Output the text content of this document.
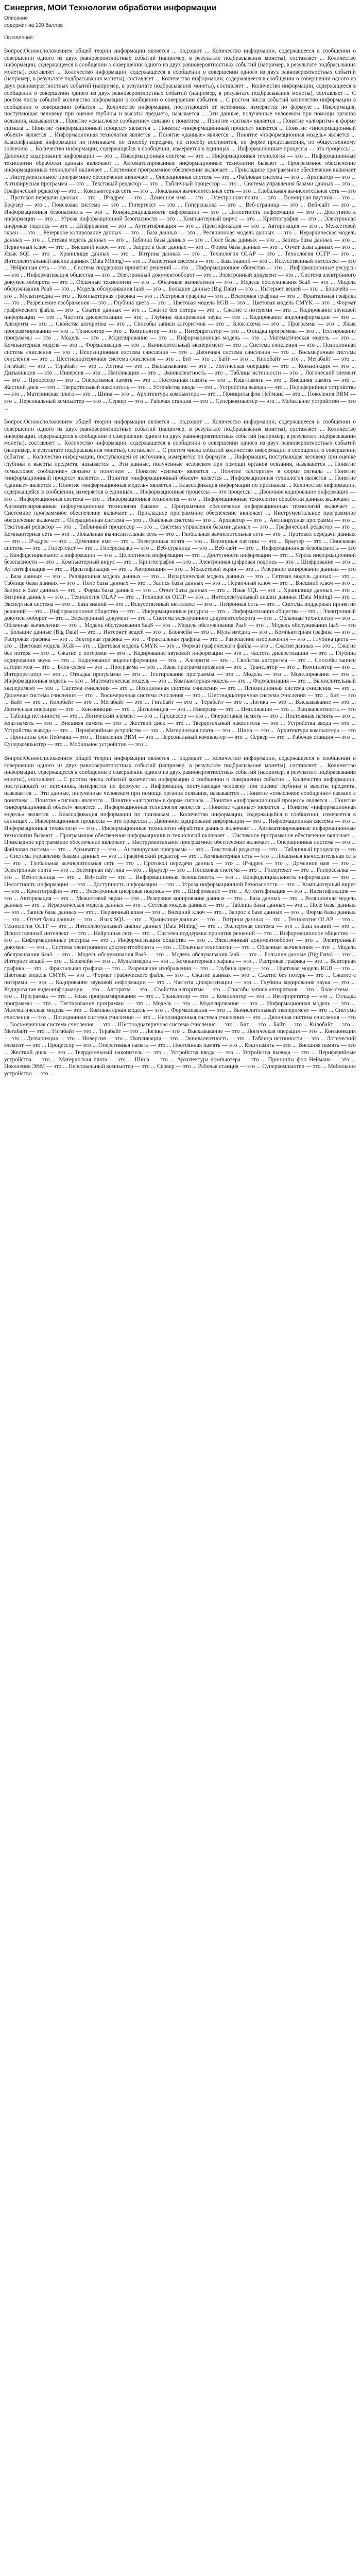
Синергия, МОИ Технологии обработки информации
Описание
содержит на 100 баллов
Оглавление:
Вопрос:Осноосположением общей теории информации является ... подходит ... Количество информации, содержащееся в сообщении о совершении одного из двух равновероятностных событий (например, в результате подбрасывания монеты), составляет ... Количество информации, содержащееся в сообщении о совершении одного из двух равновероятностных событий (например, в результате подбрасывания монеты), составляет ... Количество информации, содержащееся в сообщении о совершении одного из двух равновероятностных событий (например, в результате подбрасывания монеты), составляет ... Количество информации, содержащееся в сообщении о совершении одного из двух равновероятностных событий (например, в результате подбрасывания монеты), составляет ... Количество информации, содержащееся в сообщении о совершении одного из двух равновероятностных событий (например, в результате подбрасывания монеты), составляет ... С ростом числа событий количество информации о сообщении о совершении события ... С ростом числа событий количество информации в сообщении о совершении события ... Количество информации, поступающей от источника, измеряется по формуле ... Информация, поступающая человеку при оценке глубины и высоты предмета, называется ... Эти данные, полученные человеком при помощи органов осязания, называются ... Понятие «смысловое сообщение» связано с понятием ... Понятие «сигнал» является ... Понятие «алгоритм» в форме сигнала ... Понятие «информационный процесс» является ... Понятие «информационный процесс» является ... Понятие «информационный объект» является ... Информационная технология является ... Понятие «данные» является ... Понятие «информационная модель» является ... Классификация информации по признакам: по способу передачи, по способу восприятия, по форме представления, по общественному значению ... Количество информации, содержащейся в сообщении, измеряется в единицах ... Информационные процессы — это процессы ... Двоичное кодирование информации — это ... Информационная система — это ... Информационная технология — это ... Информационные технологии обработки данных включают ... Автоматизированные информационные технологии бывают ... Программное обеспечение информационных технологий включает ... Системное программное обеспечение включает ... Прикладное программное обеспечение включает ... Инструментальное программное обеспечение включает ... Операционная система — это ... Файловая система — это ... Архиватор — это ... Антивирусная программа — это ... Текстовый редактор — это ... Табличный процессор — это ... Система управления базами данных — это ... Графический редактор — это ... Компьютерная сеть — это ... Локальная вычислительная сеть — это ... Глобальная вычислительная сеть — это ... Протокол передачи данных — это ... IP-адрес — это ... Доменное имя — это ... Электронная почта — это ... Всемирная паутина — это ... Браузер — это ... Поисковая система — это ... Гипертекст — это ... Гиперссылка — это ... Веб-страница — это ... Веб-сайт — это ... Информационная безопасность — это ... Конфиденциальность информации — это ... Целостность информации — это ... Доступность информации — это ... Угроза информационной безопасности — это ... Компьютерный вирус — это ... Криптография — это ... Электронная цифровая подпись — это ... Шифрование — это ... Аутентификация — это ... Идентификация — это ... Авторизация — это ... Межсетевой экран — это ... Резервное копирование данных — это ... База данных — это ... Реляционная модель данных — это ... Иерархическая модель данных — это ... Сетевая модель данных — это ... Таблица базы данных — это ... Поле базы данных — это ... Запись базы данных — это ... Первичный ключ — это ... Внешний ключ — это ... Запрос к базе данных — это ... Форма базы данных — это ... Отчет базы данных — это ... Язык SQL — это ... Хранилище данных — это ... Витрина данных — это ... Технология OLAP — это ... Технология OLTP — это ... Интеллектуальный анализ данных (Data Mining) — это ... Экспертная система — это ... База знаний — это ... Искусственный интеллект — это ... Нейронная сеть — это ... Система поддержки принятия решений — это ... Информационное общество — это ... Информационные ресурсы — это ... Информатизация общества — это ... Электронный документооборот — это ... Электронный документ — это ... Система электронного документооборота — это ... Облачные технологии — это ... Облачные вычисления — это ... Модель обслуживания SaaS — это ... Модель обслуживания PaaS — это ... Модель обслуживания IaaS — это ... Большие данные (Big Data) — это ... Интернет вещей — это ... Блокчейн — это ... Мультимедиа — это ... Компьютерная графика — это ... Растровая графика — это ... Векторная графика — это ... Фрактальная графика — это ... Разрешение изображения — это ... Глубина цвета — это ... Цветовая модель RGB — это ... Цветовая модель CMYK — это ... Формат графического файла — это ... Сжатие данных — это ... Сжатие без потерь — это ... Сжатие с потерями — это ... Кодирование звуковой информации — это ... Частота дискретизации — это ... Глубина кодирования звука — это ... Кодирование видеоинформации — это ... Алгоритм — это ... Свойства алгоритма — это ... Способы записи алгоритмов — это ... Блок-схема — это ... Программа — это ... Язык программирования — это ... Транслятор — это ... Компилятор — это ... Интерпретатор — это ... Отладка программы — это ... Тестирование программы — это ... Модель — это ... Моделирование — это ... Информационная модель — это ... Математическая модель — это ... Компьютерная модель — это ... Формализация — это ... Вычислительный эксперимент — это ... Система счисления — это ... Позиционная система счисления — это ... Непозиционная система счисления — это ... Двоичная система счисления — это ... Восьмеричная система счисления — это ... Шестнадцатеричная система счисления — это ... Бит — это ... Байт — это ... Килобайт — это ... Мегабайт — это ... Гигабайт — это ... Терабайт — это ... Логика — это ... Высказывание — это ... Логическая операция — это ... Конъюнкция — это ... Дизъюнкция — это ... Инверсия — это ... Импликация — это ... Эквивалентность — это ... Таблица истинности — это ... Логический элемент — это ... Процессор — это ... Оперативная память — это ... Постоянная память — это ... Кэш-память — это ... Внешняя память — это ... Жесткий диск — это ... Твердотельный накопитель — это ... Устройства ввода — это ... Устройства вывода — это ... Периферийные устройства — это ... Материнская плата — это ... Шина — это ... Архитектура компьютера — это ... Принципы фон Неймана — это ... Поколения ЭВМ — это ... Персональный компьютер — это ... Сервер — это ... Рабочая станция — это ... Суперкомпьютер — это ... Мобильное устройство — это ...

Вопрос:Осноосположением общей теории информации является ... подходит ... Количество информации, содержащееся в сообщении о совершении одного из двух равновероятностных событий (например, в результате подбрасывания монеты), составляет ... Количество информации, содержащееся в сообщении о совершении одного из двух равновероятностных событий (например, в результате подбрасывания монеты), составляет ... Количество информации, содержащееся в сообщении о совершении одного из двух равновероятностных событий (например, в результате подбрасывания монеты), составляет ... С ростом числа событий количество информации о сообщении о совершении события ... Количество информации, поступающей от источника, измеряется по формуле ... Информация, поступающая человеку при оценке глубины и высоты предмета, называется ... Эти данные, полученные человеком при помощи органов осязания, называются ... Понятие «смысловое сообщение» связано с понятием ... Понятие «сигнал» является ... Понятие «алгоритм» в форме сигнала ... Понятие «информационный процесс» является ... Понятие «информационный объект» является ... Информационная технология является ... Понятие «данные» является ... Понятие «информационная модель» является ... Классификация информации по признакам ... Количество информации, содержащейся в сообщении, измеряется в единицах ... Информационные процессы — это процессы ... Двоичное кодирование информации — это ... Информационная система — это ... Информационная технология — это ... Информационные технологии обработки данных включают ... Автоматизированные информационные технологии бывают ... Программное обеспечение информационных технологий включает ... Системное программное обеспечение включает ... Прикладное программное обеспечение включает ... Инструментальное программное обеспечение включает ... Операционная система — это ... Файловая система — это ... Архиватор — это ... Антивирусная программа — это ... Текстовый редактор — это ... Табличный процессор — это ... Система управления базами данных — это ... Графический редактор — это ... Компьютерная сеть — это ... Локальная вычислительная сеть — это ... Глобальная вычислительная сеть — это ... Протокол передачи данных — это ... IP-адрес — это ... Доменное имя — это ... Электронная почта — это ... Всемирная паутина — это ... Браузер — это ... Поисковая система — это ... Гипертекст — это ... Гиперссылка — это ... Веб-страница — это ... Веб-сайт — это ... Информационная безопасность — это ... Конфиденциальность информации — это ... Целостность информации — это ... Доступность информации — это ... Угроза информационной безопасности — это ... Компьютерный вирус — это ... Криптография — это ... Электронная цифровая подпись — это ... Шифрование — это ... Аутентификация — это ... Идентификация — это ... Авторизация — это ... Межсетевой экран — это ... Резервное копирование данных — это ... База данных — это ... Реляционная модель данных — это ... Иерархическая модель данных — это ... Сетевая модель данных — это ... Таблица базы данных — это ... Поле базы данных — это ... Запись базы данных — это ... Первичный ключ — это ... Внешний ключ — это ... Запрос к базе данных — это ... Форма базы данных — это ... Отчет базы данных — это ... Язык SQL — это ... Хранилище данных — это ... Витрина данных — это ... Технология OLAP — это ... Технология OLTP — это ... Интеллектуальный анализ данных (Data Mining) — это ... Экспертная система — это ... База знаний — это ... Искусственный интеллект — это ... Нейронная сеть — это ... Система поддержки принятия решений — это ... Информационное общество — это ... Информационные ресурсы — это ... Информатизация общества — это ... Электронный документооборот — это ... Электронный документ — это ... Система электронного документооборота — это ... Облачные технологии — это ... Облачные вычисления — это ... Модель обслуживания SaaS — это ... Модель обслуживания PaaS — это ... Модель обслуживания IaaS — это ... Большие данные (Big Data) — это ... Интернет вещей — это ... Блокчейн — это ... Мультимедиа — это ... Компьютерная графика — это ... Растровая графика — это ... Векторная графика — это ... Фрактальная графика — это ... Разрешение изображения — это ... Глубина цвета — это ... Цветовая модель RGB — это ... Цветовая модель CMYK — это ... Формат графического файла — это ... Сжатие данных — это ... Сжатие без потерь — это ... Сжатие с потерями — это ... Кодирование звуковой информации — это ... Частота дискретизации — это ... Глубина кодирования звука — это ... Кодирование видеоинформации — это ... Алгоритм — это ... Свойства алгоритма — это ... Способы записи алгоритмов — это ... Блок-схема — это ... Программа — это ... Язык программирования — это ... Транслятор — это ... Компилятор — это ... Интерпретатор — это ... Отладка программы — это ... Тестирование программы — это ... Модель — это ... Моделирование — это ... Информационная модель — это ... Математическая модель — это ... Компьютерная модель — это ... Формализация — это ... Вычислительный эксперимент — это ... Система счисления — это ... Позиционная система счисления — это ... Непозиционная система счисления — это ... Двоичная система счисления — это ... Восьмеричная система счисления — это ... Шестнадцатеричная система счисления — это ... Бит — это ... Байт — это ... Килобайт — это ... Мегабайт — это ... Гигабайт — это ... Терабайт — это ... Логика — это ... Высказывание — это ... Логическая операция — это ... Конъюнкция — это ... Дизъюнкция — это ... Инверсия — это ... Импликация — это ... Эквивалентность — это ... Таблица истинности — это ... Логический элемент — это ... Процессор — это ... Оперативная память — это ... Постоянная память — это ... Кэш-память — это ... Внешняя память — это ... Жесткий диск — это ... Твердотельный накопитель — это ... Устройства ввода — это ... Устройства вывода — это ... Периферийные устройства — это ... Материнская плата — это ... Шина — это ... Архитектура компьютера — это ... Принципы фон Неймана — это ... Поколения ЭВМ — это ... Персональный компьютер — это ... Сервер — это ... Рабочая станция — это ... Суперкомпьютер — это ... Мобильное устройство — это ...

Вопрос:Осноосположением общей теории информации является ... подходит ... Количество информации, содержащееся в сообщении о совершении одного из двух равновероятностных событий (например, в результате подбрасывания монеты), составляет ... Количество информации, содержащееся в сообщении о совершении одного из двух равновероятностных событий (например, в результате подбрасывания монеты), составляет ... С ростом числа событий количество информации о сообщении о совершении события ... Количество информации, поступающей от источника, измеряется по формуле ... Информация, поступающая человеку при оценке глубины и высоты предмета, называется ... Эти данные, полученные человеком при помощи органов осязания, называются ... Понятие «смысловое сообщение» связано с понятием ... Понятие «сигнал» является ... Понятие «алгоритм» в форме сигнала ... Понятие «информационный процесс» является ... Понятие «информационный объект» является ... Информационная технология является ... Понятие «данные» является ... Понятие «информационная модель» является ... Классификация информации по признакам ... Количество информации, содержащейся в сообщении, измеряется в единицах ... Информационные процессы — это процессы ... Двоичное кодирование информации — это ... Информационная система — это ... Информационная технология — это ... Информационные технологии обработки данных включают ... Автоматизированные информационные технологии бывают ... Программное обеспечение информационных технологий включает ... Системное программное обеспечение включает ... Прикладное программное обеспечение включает ... Инструментальное программное обеспечение включает ... Операционная система — это ... Файловая система — это ... Архиватор — это ... Антивирусная программа — это ... Текстовый редактор — это ... Табличный процессор — это ... Система управления базами данных — это ... Графический редактор — это ... Компьютерная сеть — это ... Локальная вычислительная сеть — это ... Глобальная вычислительная сеть — это ... Протокол передачи данных — это ... IP-адрес — это ... Доменное имя — это ... Электронная почта — это ... Всемирная паутина — это ... Браузер — это ... Поисковая система — это ... Гипертекст — это ... Гиперссылка — это ... Веб-страница — это ... Веб-сайт — это ... Информационная безопасность — это ... Конфиденциальность информации — это ... Целостность информации — это ... Доступность информации — это ... Угроза информационной безопасности — это ... Компьютерный вирус — это ... Криптография — это ... Электронная цифровая подпись — это ... Шифрование — это ... Аутентификация — это ... Идентификация — это ... Авторизация — это ... Межсетевой экран — это ... Резервное копирование данных — это ... База данных — это ... Реляционная модель данных — это ... Иерархическая модель данных — это ... Сетевая модель данных — это ... Таблица базы данных — это ... Поле базы данных — это ... Запись базы данных — это ... Первичный ключ — это ... Внешний ключ — это ... Запрос к базе данных — это ... Форма базы данных — это ... Отчет базы данных — это ... Язык SQL — это ... Хранилище данных — это ... Витрина данных — это ... Технология OLAP — это ... Технология OLTP — это ... Интеллектуальный анализ данных (Data Mining) — это ... Экспертная система — это ... База знаний — это ... Искусственный интеллект — это ... Нейронная сеть — это ... Система поддержки принятия решений — это ... Информационное общество — это ... Информационные ресурсы — это ... Информатизация общества — это ... Электронный документооборот — это ... Электронный документ — это ... Система электронного документооборота — это ... Облачные технологии — это ... Облачные вычисления — это ... Модель обслуживания SaaS — это ... Модель обслуживания PaaS — это ... Модель обслуживания IaaS — это ... Большие данные (Big Data) — это ... Интернет вещей — это ... Блокчейн — это ... Мультимедиа — это ... Компьютерная графика — это ... Растровая графика — это ... Векторная графика — это ... Фрактальная графика — это ... Разрешение изображения — это ... Глубина цвета — это ... Цветовая модель RGB — это ... Цветовая модель CMYK — это ... Формат графического файла — это ... Сжатие данных — это ... Сжатие без потерь — это ... Сжатие с потерями — это ... Кодирование звуковой информации — это ... Частота дискретизации — это ... Глубина кодирования звука — это ... Кодирование видеоинформации — это ... Алгоритм — это ... Свойства алгоритма — это ... Способы записи алгоритмов — это ... Блок-схема — это ... Программа — это ... Язык программирования — это ... Транслятор — это ... Компилятор — это ... Интерпретатор — это ... Отладка программы — это ... Тестирование программы — это ... Модель — это ... Моделирование — это ... Информационная модель — это ... Математическая модель — это ... Компьютерная модель — это ... Формализация — это ... Вычислительный эксперимент — это ... Система счисления — это ... Позиционная система счисления — это ... Непозиционная система счисления — это ... Двоичная система счисления — это ... Восьмеричная система счисления — это ... Шестнадцатеричная система счисления — это ... Бит — это ... Байт — это ... Килобайт — это ... Мегабайт — это ... Гигабайт — это ... Терабайт — это ... Логика — это ... Высказывание — это ... Логическая операция — это ... Конъюнкция — это ... Дизъюнкция — это ... Инверсия — это ... Импликация — это ... Эквивалентность — это ... Таблица истинности — это ... Логический элемент — это ... Процессор — это ... Оперативная память — это ... Постоянная память — это ... Кэш-память — это ... Внешняя память — это ... Жесткий диск — это ... Твердотельный накопитель — это ... Устройства ввода — это ... Устройства вывода — это ... Периферийные устройства — это ... Материнская плата — это ... Шина — это ... Архитектура компьютера — это ... Принципы фон Неймана — это ... Поколения ЭВМ — это ... Персональный компьютер — это ... Сервер — это ... Рабочая станция — это ... Суперкомпьютер — это ... Мобильное устройство — это ...
